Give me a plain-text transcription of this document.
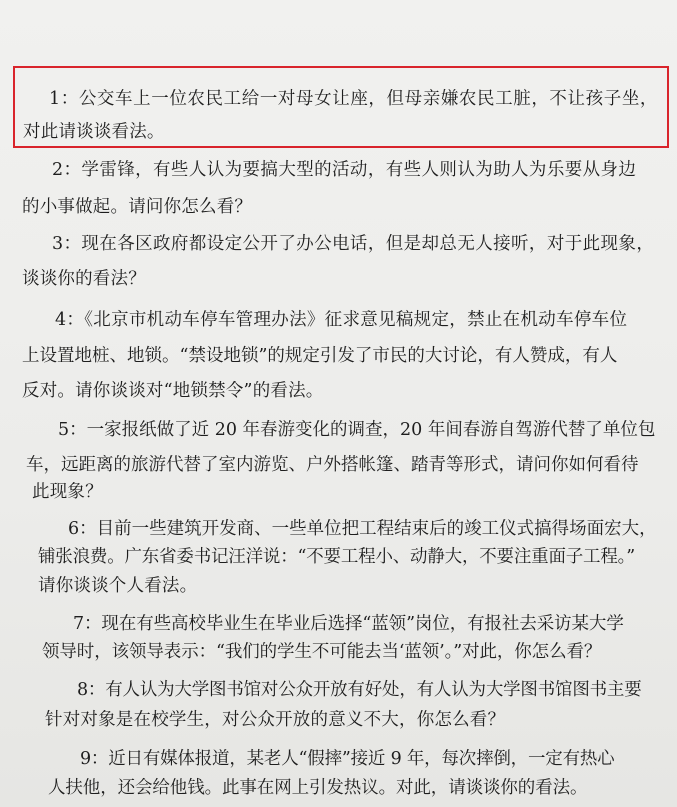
1：公交车上一位农民工给一对母女让座，但母亲嫌农民工脏，不让孩子坐，
对此请谈谈看法。
2：学雷锋，有些人认为要搞大型的活动，有些人则认为助人为乐要从身边
的小事做起。请问你怎么看？
3：现在各区政府都设定公开了办公电话，但是却总无人接听，对于此现象，
谈谈你的看法？
4：《北京市机动车停车管理办法》征求意见稿规定，禁止在机动车停车位
上设置地桩、地锁。“禁设地锁”的规定引发了市民的大讨论，有人赞成，有人
反对。请你谈谈对“地锁禁令”的看法。
5：一家报纸做了近 20 年春游变化的调查，20 年间春游自驾游代替了单位包
车，远距离的旅游代替了室内游览、户外搭帐篷、踏青等形式，请问你如何看待
此现象？
6：目前一些建筑开发商、一些单位把工程结束后的竣工仪式搞得场面宏大，
铺张浪费。广东省委书记汪洋说：“不要工程小、动静大，不要注重面子工程。”
请你谈谈个人看法。
7：现在有些高校毕业生在毕业后选择“蓝领”岗位，有报社去采访某大学
领导时，该领导表示：“我们的学生不可能去当‘蓝领’。”对此，你怎么看？
8：有人认为大学图书馆对公众开放有好处，有人认为大学图书馆图书主要
针对对象是在校学生，对公众开放的意义不大，你怎么看？
9：近日有媒体报道，某老人“假摔”接近 9 年，每次摔倒，一定有热心
人扶他，还会给他钱。此事在网上引发热议。对此，请谈谈你的看法。
